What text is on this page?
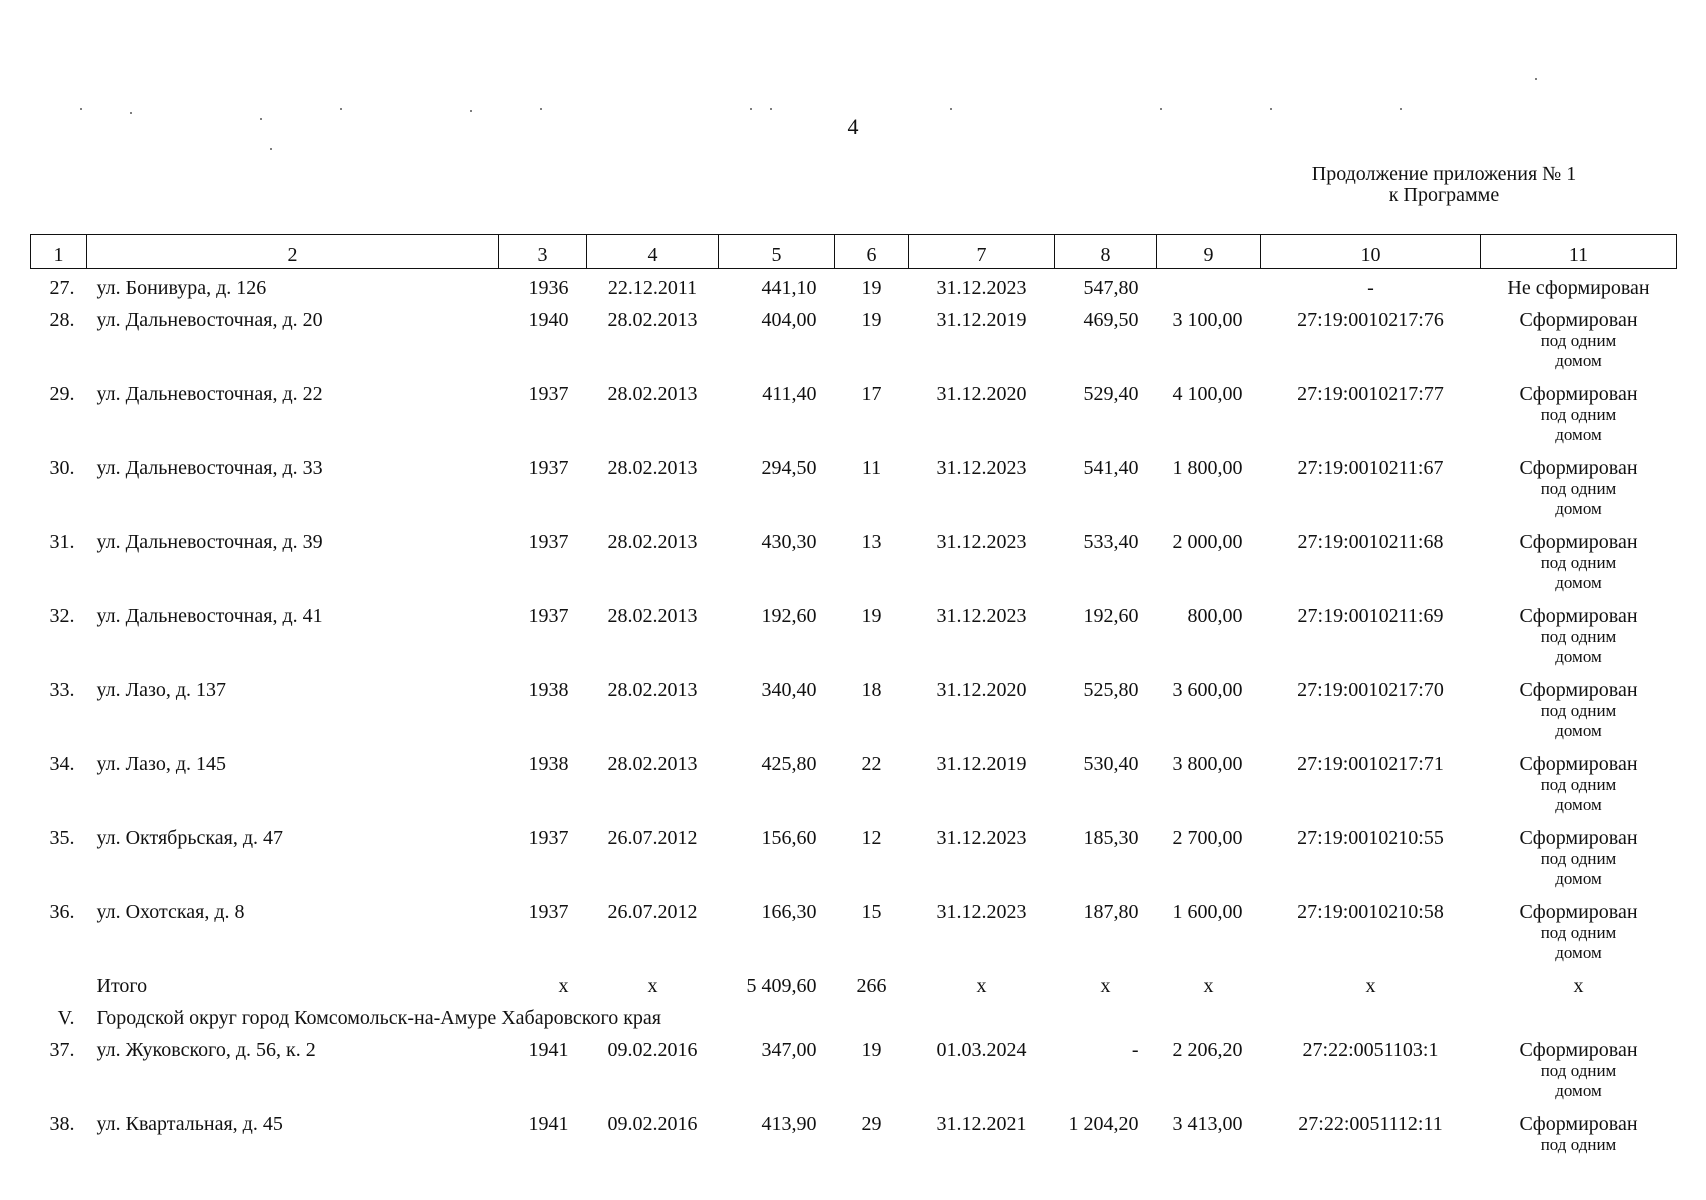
4
Продолжение приложения № 1
к Программе
1	2	3	4	5	6	7	8	9	10	11
27.	ул. Бонивура, д. 126	1936	22.12.2011	441,10	19	31.12.2023	547,80		-	Не сформирован

28.	ул. Дальневосточная, д. 20	1940	28.02.2013	404,00	19	31.12.2019	469,50	3 100,00	27:19:0010217:76	Сформирован
под одним
домом

29.	ул. Дальневосточная, д. 22	1937	28.02.2013	411,40	17	31.12.2020	529,40	4 100,00	27:19:0010217:77	Сформирован
под одним
домом

30.	ул. Дальневосточная, д. 33	1937	28.02.2013	294,50	11	31.12.2023	541,40	1 800,00	27:19:0010211:67	Сформирован
под одним
домом

31.	ул. Дальневосточная, д. 39	1937	28.02.2013	430,30	13	31.12.2023	533,40	2 000,00	27:19:0010211:68	Сформирован
под одним
домом

32.	ул. Дальневосточная, д. 41	1937	28.02.2013	192,60	19	31.12.2023	192,60	800,00	27:19:0010211:69	Сформирован
под одним
домом

33.	ул. Лазо, д. 137	1938	28.02.2013	340,40	18	31.12.2020	525,80	3 600,00	27:19:0010217:70	Сформирован
под одним
домом

34.	ул. Лазо, д. 145	1938	28.02.2013	425,80	22	31.12.2019	530,40	3 800,00	27:19:0010217:71	Сформирован
под одним
домом

35.	ул. Октябрьская, д. 47	1937	26.07.2012	156,60	12	31.12.2023	185,30	2 700,00	27:19:0010210:55	Сформирован
под одним
домом

36.	ул. Охотская, д. 8	1937	26.07.2012	166,30	15	31.12.2023	187,80	1 600,00	27:19:0010210:58	Сформирован
под одним
домом

	Итого	х	х	5 409,60	266	х	х	х	х	х
V.	Городской округ город Комсомольск-на-Амуре Хабаровского края									
37.	ул. Жуковского, д. 56, к. 2	1941	09.02.2016	347,00	19	01.03.2024	-	2 206,20	27:22:0051103:1	Сформирован
под одним
домом

38.	ул. Квартальная, д. 45	1941	09.02.2016	413,90	29	31.12.2021	1 204,20	3 413,00	27:22:0051112:11	Сформирован
под одним
